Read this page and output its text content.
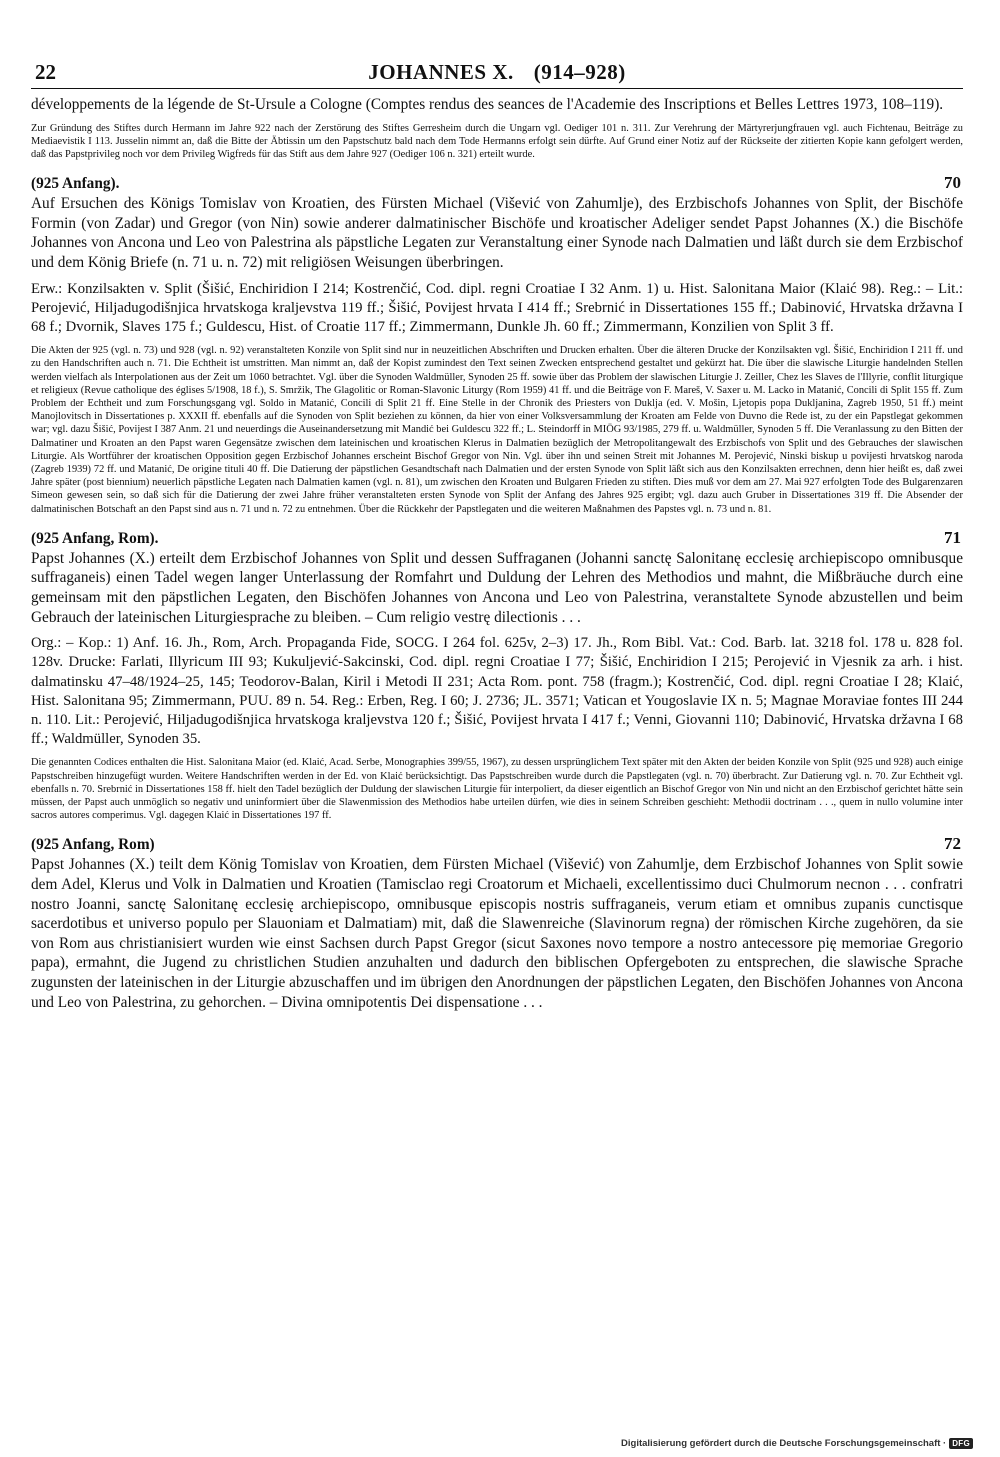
22	JOHANNES X. (914–928)

développements de la légende de St-Ursule a Cologne (Comptes rendus des seances de l'Academie des Inscriptions et Belles Lettres 1973, 108–119).

Zur Gründung des Stiftes durch Hermann im Jahre 922 nach der Zerstörung des Stiftes Gerresheim durch die Ungarn vgl. Oediger 101 n. 311. Zur Verehrung der Märtyrerjungfrauen vgl. auch Fichtenau, Beiträge zu Mediaevistik I 113. Jusselin nimmt an, daß die Bitte der Äbtissin um den Papstschutz bald nach dem Tode Hermanns erfolgt sein dürfte. Auf Grund einer Notiz auf der Rückseite der zitierten Kopie kann gefolgert werden, daß das Papstprivileg noch vor dem Privileg Wigfreds für das Stift aus dem Jahre 927 (Oediger 106 n. 321) erteilt wurde.

(925 Anfang).	70

Auf Ersuchen des Königs Tomislav von Kroatien, des Fürsten Michael (Višević von Zahumlje), des Erzbischofs Johannes von Split, der Bischöfe Formin (von Zadar) und Gregor (von Nin) sowie anderer dalmatinischer Bischöfe und kroatischer Adeliger sendet Papst Johannes (X.) die Bischöfe Johannes von Ancona und Leo von Palestrina als päpstliche Legaten zur Veranstaltung einer Synode nach Dalmatien und läßt durch sie dem Erzbischof und dem König Briefe (n. 71 u. n. 72) mit religiösen Weisungen überbringen.

Erw.: Konzilsakten v. Split (Šišić, Enchiridion I 214; Kostrenčić, Cod. dipl. regni Croatiae I 32 Anm. 1) u. Hist. Salonitana Maior (Klaić 98). Reg.: – Lit.: Perojević, Hiljadugodišnjica hrvatskoga kraljevstva 119 ff.; Šišić, Povijest hrvata I 414 ff.; Srebrnić in Dissertationes 155 ff.; Dabinović, Hrvatska državna I 68 f.; Dvornik, Slaves 175 f.; Guldescu, Hist. of Croatie 117 ff.; Zimmermann, Dunkle Jh. 60 ff.; Zimmermann, Konzilien von Split 3 ff.

Die Akten der 925 (vgl. n. 73) und 928 (vgl. n. 92) veranstalteten Konzile von Split sind nur in neuzeitlichen Abschriften und Drucken erhalten. Über die älteren Drucke der Konzilsakten vgl. Šišić, Enchiridion I 211 ff. und zu den Handschriften auch n. 71. Die Echtheit ist umstritten. Man nimmt an, daß der Kopist zumindest den Text seinen Zwecken entsprechend gestaltet und gekürzt hat. Die über die slawische Liturgie handelnden Stellen werden vielfach als Interpolationen aus der Zeit um 1060 betrachtet. Vgl. über die Synoden Waldmüller, Synoden 25 ff. sowie über das Problem der slawischen Liturgie J. Zeiller, Chez les Slaves de l'Illyrie, conflit liturgique et religieux (Revue catholique des églises 5/1908, 18 f.), S. Smržik, The Glagolitic or Roman-Slavonic Liturgy (Rom 1959) 41 ff. und die Beiträge von F. Mareš, V. Saxer u. M. Lacko in Matanić, Concili di Split 155 ff. Zum Problem der Echtheit und zum Forschungsgang vgl. Soldo in Matanić, Concili di Split 21 ff. Eine Stelle in der Chronik des Priesters von Duklja (ed. V. Mošin, Ljetopis popa Dukljanina, Zagreb 1950, 51 ff.) meint Manojlovitsch in Dissertationes p. XXXII ff. ebenfalls auf die Synoden von Split beziehen zu können, da hier von einer Volksversammlung der Kroaten am Felde von Duvno die Rede ist, zu der ein Papstlegat gekommen war; vgl. dazu Šišić, Povijest I 387 Anm. 21 und neuerdings die Auseinandersetzung mit Mandić bei Guldescu 322 ff.; L. Steindorff in MIÖG 93/1985, 279 ff. u. Waldmüller, Synoden 5 ff. Die Veranlassung zu den Bitten der Dalmatiner und Kroaten an den Papst waren Gegensätze zwischen dem lateinischen und kroatischen Klerus in Dalmatien bezüglich der Metropolitangewalt des Erzbischofs von Split und des Gebrauches der slawischen Liturgie. Als Wortführer der kroatischen Opposition gegen Erzbischof Johannes erscheint Bischof Gregor von Nin. Vgl. über ihn und seinen Streit mit Johannes M. Perojević, Ninski biskup u povijesti hrvatskog naroda (Zagreb 1939) 72 ff. und Matanić, De origine tituli 40 ff. Die Datierung der päpstlichen Gesandtschaft nach Dalmatien und der ersten Synode von Split läßt sich aus den Konzilsakten errechnen, denn hier heißt es, daß zwei Jahre später (post biennium) neuerlich päpstliche Legaten nach Dalmatien kamen (vgl. n. 81), um zwischen den Kroaten und Bulgaren Frieden zu stiften. Dies muß vor dem am 27. Mai 927 erfolgten Tode des Bulgarenzaren Simeon gewesen sein, so daß sich für die Datierung der zwei Jahre früher veranstalteten ersten Synode von Split der Anfang des Jahres 925 ergibt; vgl. dazu auch Gruber in Dissertationes 319 ff. Die Absender der dalmatinischen Botschaft an den Papst sind aus n. 71 und n. 72 zu entnehmen. Über die Rückkehr der Papstlegaten und die weiteren Maßnahmen des Papstes vgl. n. 73 und n. 81.

(925 Anfang, Rom).	71

Papst Johannes (X.) erteilt dem Erzbischof Johannes von Split und dessen Suffraganen (Johanni sanctę Salonitanę ecclesię archiepiscopo omnibusque suffraganeis) einen Tadel wegen langer Unterlassung der Romfahrt und Duldung der Lehren des Methodios und mahnt, die Mißbräuche durch eine gemeinsam mit den päpstlichen Legaten, den Bischöfen Johannes von Ancona und Leo von Palestrina, veranstaltete Synode abzustellen und beim Gebrauch der lateinischen Liturgiesprache zu bleiben. – Cum religio vestrę dilectionis . . .

Org.: – Kop.: 1) Anf. 16. Jh., Rom, Arch. Propaganda Fide, SOCG. I 264 fol. 625v, 2–3) 17. Jh., Rom Bibl. Vat.: Cod. Barb. lat. 3218 fol. 178 u. 828 fol. 128v. Drucke: Farlati, Illyricum III 93; Kukuljević-Sakcinski, Cod. dipl. regni Croatiae I 77; Šišić, Enchiridion I 215; Perojević in Vjesnik za arh. i hist. dalmatinsku 47–48/1924–25, 145; Teodorov-Balan, Kiril i Metodi II 231; Acta Rom. pont. 758 (fragm.); Kostrenčić, Cod. dipl. regni Croatiae I 28; Klaić, Hist. Salonitana 95; Zimmermann, PUU. 89 n. 54. Reg.: Erben, Reg. I 60; J. 2736; JL. 3571; Vatican et Yougoslavie IX n. 5; Magnae Moraviae fontes III 244 n. 110. Lit.: Perojević, Hiljadugodišnjica hrvatskoga kraljevstva 120 f.; Šišić, Povijest hrvata I 417 f.; Venni, Giovanni 110; Dabinović, Hrvatska državna I 68 ff.; Waldmüller, Synoden 35.

Die genannten Codices enthalten die Hist. Salonitana Maior (ed. Klaić, Acad. Serbe, Monographies 399/55, 1967), zu dessen ursprünglichem Text später mit den Akten der beiden Konzile von Split (925 und 928) auch einige Papstschreiben hinzugefügt wurden. Weitere Handschriften werden in der Ed. von Klaić berücksichtigt. Das Papstschreiben wurde durch die Papstlegaten (vgl. n. 70) überbracht. Zur Datierung vgl. n. 70. Zur Echtheit vgl. ebenfalls n. 70. Srebrnić in Dissertationes 158 ff. hielt den Tadel bezüglich der Duldung der slawischen Liturgie für interpoliert, da dieser eigentlich an Bischof Gregor von Nin und nicht an den Erzbischof gerichtet hätte sein müssen, der Papst auch unmöglich so negativ und uninformiert über die Slawenmission des Methodios habe urteilen dürfen, wie dies in seinem Schreiben geschieht: Methodii doctrinam . . ., quem in nullo volumine inter sacros autores comperimus. Vgl. dagegen Klaić in Dissertationes 197 ff.

(925 Anfang, Rom)	72

Papst Johannes (X.) teilt dem König Tomislav von Kroatien, dem Fürsten Michael (Višević) von Zahumlje, dem Erzbischof Johannes von Split sowie dem Adel, Klerus und Volk in Dalmatien und Kroatien (Tamisclao regi Croatorum et Michaeli, excellentissimo duci Chulmorum necnon . . . confratri nostro Joanni, sanctę Salonitanę ecclesię archiepiscopo, omnibusque episcopis nostris suffraganeis, verum etiam et omnibus zupanis cunctisque sacerdotibus et universo populo per Slauoniam et Dalmatiam) mit, daß die Slawenreiche (Slavinorum regna) der römischen Kirche zugehören, da sie von Rom aus christianisiert wurden wie einst Sachsen durch Papst Gregor (sicut Saxones novo tempore a nostro antecessore pię memoriae Gregorio papa), ermahnt, die Jugend zu christlichen Studien anzuhalten und dadurch den biblischen Opfergeboten zu entsprechen, die slawische Sprache zugunsten der lateinischen in der Liturgie abzuschaffen und im übrigen den Anordnungen der päpstlichen Legaten, den Bischöfen Johannes von Ancona und Leo von Palestrina, zu gehorchen. – Divina omnipotentis Dei dispensatione . . .

Digitalisierung gefördert durch die Deutsche Forschungsgemeinschaft · DFG
